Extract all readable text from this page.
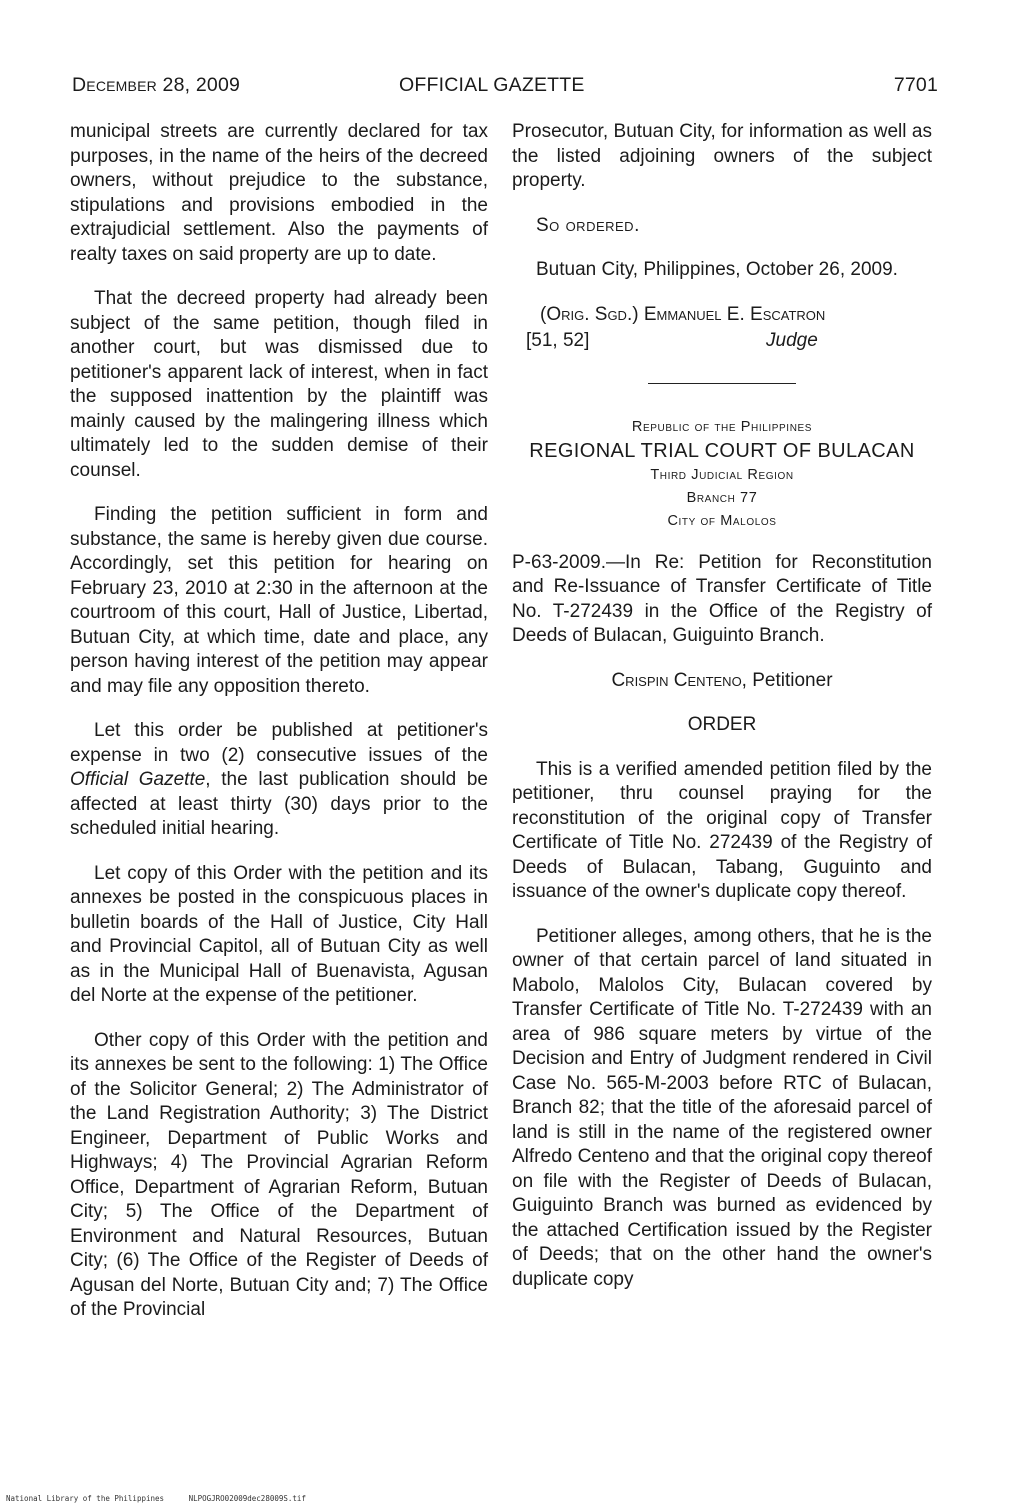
December 28, 2009	OFFICIAL GAZETTE	7701

municipal streets are currently declared for tax purposes, in the name of the heirs of the decreed owners, without prejudice to the substance, stipulations and provisions embodied in the extrajudicial settlement. Also the payments of realty taxes on said property are up to date.

That the decreed property had already been subject of the same petition, though filed in another court, but was dismissed due to petitioner's apparent lack of interest, when in fact the supposed inattention by the plaintiff was mainly caused by the malingering illness which ultimately led to the sudden demise of their counsel.

Finding the petition sufficient in form and substance, the same is hereby given due course. Accordingly, set this petition for hearing on February 23, 2010 at 2:30 in the afternoon at the courtroom of this court, Hall of Justice, Libertad, Butuan City, at which time, date and place, any person having interest of the petition may appear and may file any opposition thereto.

Let this order be published at petitioner's expense in two (2) consecutive issues of the Official Gazette, the last publication should be affected at least thirty (30) days prior to the scheduled initial hearing.

Let copy of this Order with the petition and its annexes be posted in the conspicuous places in bulletin boards of the Hall of Justice, City Hall and Provincial Capitol, all of Butuan City as well as in the Municipal Hall of Buenavista, Agusan del Norte at the expense of the petitioner.

Other copy of this Order with the petition and its annexes be sent to the following: 1) The Office of the Solicitor General; 2) The Administrator of the Land Registration Authority; 3) The District Engineer, Department of Public Works and Highways; 4) The Provincial Agrarian Reform Office, Department of Agrarian Reform, Butuan City; 5) The Office of the Department of Environment and Natural Resources, Butuan City; (6) The Office of the Register of Deeds of Agusan del Norte, Butuan City and; 7) The Office of the Provincial

Prosecutor, Butuan City, for information as well as the listed adjoining owners of the subject property.

So ordered.

Butuan City, Philippines, October 26, 2009.

(Orig. Sgd.) Emmanuel E. Escatron
[51, 52]	Judge
Republic of the Philippines
REGIONAL TRIAL COURT OF BULACAN
Third Judicial Region
Branch 77
City of Malolos

P-63-2009.—In Re: Petition for Reconstitution and Re-Issuance of Transfer Certificate of Title No. T-272439 in the Office of the Registry of Deeds of Bulacan, Guiguinto Branch.

Crispin Centeno, Petitioner

ORDER

This is a verified amended petition filed by the petitioner, thru counsel praying for the reconstitution of the original copy of Transfer Certificate of Title No. 272439 of the Registry of Deeds of Bulacan, Tabang, Guguinto and issuance of the owner's duplicate copy thereof.

Petitioner alleges, among others, that he is the owner of that certain parcel of land situated in Mabolo, Malolos City, Bulacan covered by Transfer Certificate of Title No. T-272439 with an area of 986 square meters by virtue of the Decision and Entry of Judgment rendered in Civil Case No. 565-M-2003 before RTC of Bulacan, Branch 82; that the title of the aforesaid parcel of land is still in the name of the registered owner Alfredo Centeno and that the original copy thereof on file with the Register of Deeds of Bulacan, Guiguinto Branch was burned as evidenced by the attached Certification issued by the Register of Deeds; that on the other hand the owner's duplicate copy

National Library of the Philippines	NLPOGJRO02009dec28009S.tif
